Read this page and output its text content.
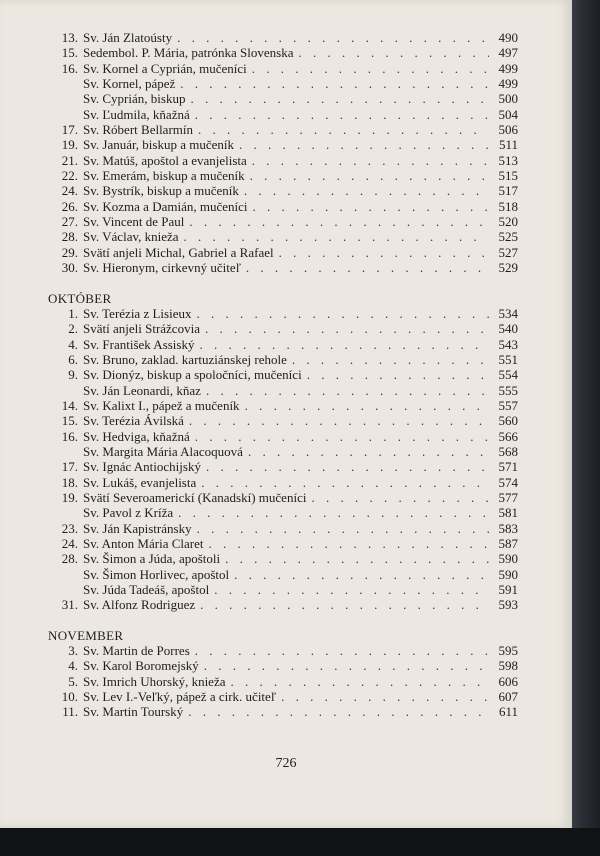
13. Sv. Ján Zlatoústy . . .	490
15. Sedembol. P. Mária, patrónka Slovenska . . .	497
16. Sv. Kornel a Cyprián, mučeníci . . .	499
Sv. Kornel, pápež . . .	499
Sv. Cyprián, biskup . . .	500
Sv. Ľudmila, kňažná . . .	504
17. Sv. Róbert Bellarmín . . .	506
19. Sv. Január, biskup a mučeník . . .	511
21. Sv. Matúš, apoštol a evanjelista . . .	513
22. Sv. Emerám, biskup a mučeník . . .	515
24. Sv. Bystrík, biskup a mučeník . . .	517
26. Sv. Kozma a Damián, mučeníci . . .	518
27. Sv. Vincent de Paul . . .	520
28. Sv. Václav, knieža . . .	525
29. Svätí anjeli Michal, Gabriel a Rafael . . .	527
30. Sv. Hieronym, cirkevný učiteľ . . .	529
OKTÓBER
1. Sv. Terézia z Lisieux . . .	534
2. Svätí anjeli Strážcovia . . .	540
4. Sv. František Assiský . . .	543
6. Sv. Bruno, zaklad. kartuziánskej rehole . . .	551
9. Sv. Dionýz, biskup a spoločníci, mučeníci . . .	554
Sv. Ján Leonardi, kňaz . . .	555
14. Sv. Kalixt I., pápež a mučeník . . .	557
15. Sv. Terézia Ávilská . . .	560
16. Sv. Hedviga, kňažná . . .	566
Sv. Margita Mária Alacoquová . . .	568
17. Sv. Ignác Antiochijský . . .	571
18. Sv. Lukáš, evanjelista . . .	574
19. Svätí Severoamerickí (Kanadskí) mučeníci . . .	577
Sv. Pavol z Kríža . . .	581
23. Sv. Ján Kapistránsky . . .	583
24. Sv. Anton Mária Claret . . .	587
28. Sv. Šimon a Júda, apoštoli . . .	590
Sv. Šimon Horlivec, apoštol . . .	590
Sv. Júda Tadeáš, apoštol . . .	591
31. Sv. Alfonz Rodriguez . . .	593
NOVEMBER
3. Sv. Martin de Porres . . .	595
4. Sv. Karol Boromejský . . .	598
5. Sv. Imrich Uhorský, knieža . . .	606
10. Sv. Lev I.-Veľký, pápež a cirk. učiteľ . . .	607
11. Sv. Martin Tourský . . .	611
726
